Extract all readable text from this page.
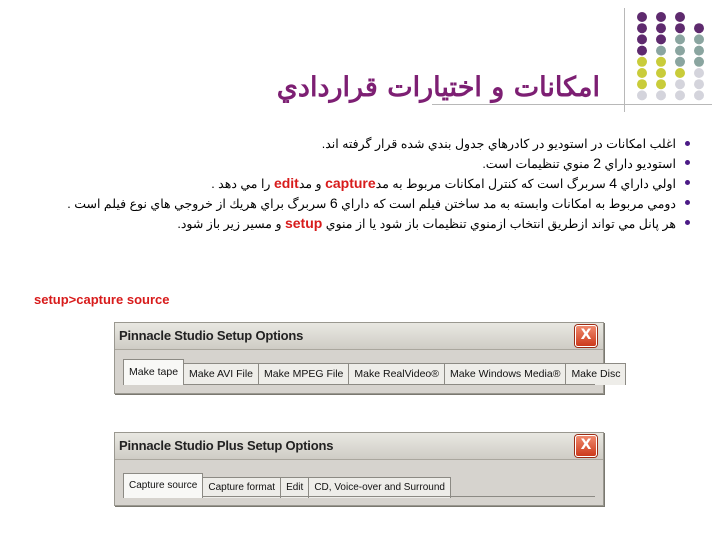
امكانات و اختيارات قراردادي
اغلب امكانات در استوديو در كادرهاي جدول بندي شده قرار گرفته اند.
استوديو داراي 2 منوي تنظيمات است.
اولي داراي 4 سربرگ است كه كنترل امكانات مربوط به مدcapture و مدedit را مي دهد .
دومي مربوط به امكانات وابسته به مد ساختن فيلم است كه داراي 6 سربرگ براي هريك از خروجي هاي نوع فيلم است .
هر پانل مي تواند ازطريق انتخاب ازمنوي تنظيمات باز شود يا از منوي setup و مسير زير باز شود.
setup>capture source
Pinnacle Studio Setup Options	X
Make tape	Make AVI File	Make MPEG File	Make RealVideo®	Make Windows Media®	Make Disc
Pinnacle Studio Plus Setup Options	X
Capture source	Capture format	Edit	CD, Voice-over and Surround
